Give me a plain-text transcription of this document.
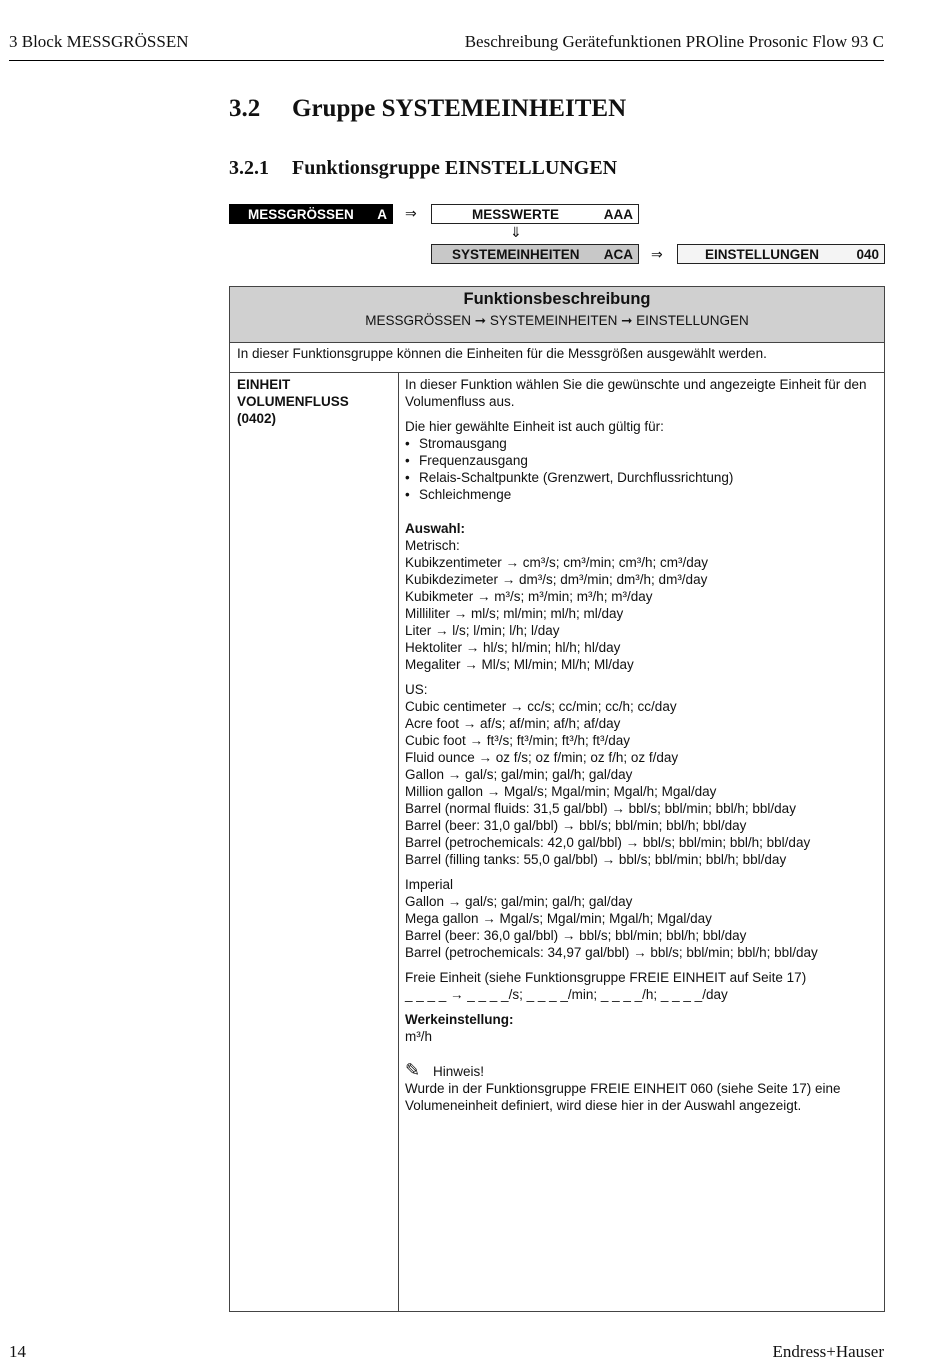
3 Block MESSGRÖSSEN	Beschreibung Gerätefunktionen PROline Prosonic Flow 93 C
3.2 Gruppe SYSTEMEINHEITEN
3.2.1 Funktionsgruppe EINSTELLUNGEN
MESSGRÖSSEN A ⇒	MESSWERTE	AAA
⇓
SYSTEMEINHEITEN ACA ⇒	EINSTELLUNGEN	040
Funktionsbeschreibung
MESSGRÖSSEN ➞ SYSTEMEINHEITEN ➞ EINSTELLUNGEN
In dieser Funktionsgruppe können die Einheiten für die Messgrößen ausgewählt werden.
EINHEIT
VOLUMENFLUSS
(0402)

In dieser Funktion wählen Sie die gewünschte und angezeigte Einheit für den Volumenfluss aus.

Die hier gewählte Einheit ist auch gültig für:

• Stromausgang
• Frequenzausgang
• Relais-Schaltpunkte (Grenzwert, Durchflussrichtung)
• Schleichmenge

Auswahl:

Metrisch:

Kubikzentimeter → cm³/s; cm³/min; cm³/h; cm³/day

Kubikdezimeter → dm³/s; dm³/min; dm³/h; dm³/day

Kubikmeter → m³/s; m³/min; m³/h; m³/day

Milliliter → ml/s; ml/min; ml/h; ml/day

Liter → l/s; l/min; l/h; l/day

Hektoliter → hl/s; hl/min; hl/h; hl/day

Megaliter → Ml/s; Ml/min; Ml/h; Ml/day

US:

Cubic centimeter → cc/s; cc/min; cc/h; cc/day

Acre foot → af/s; af/min; af/h; af/day

Cubic foot → ft³/s; ft³/min; ft³/h; ft³/day

Fluid ounce → oz f/s; oz f/min; oz f/h; oz f/day

Gallon → gal/s; gal/min; gal/h; gal/day

Million gallon → Mgal/s; Mgal/min; Mgal/h; Mgal/day

Barrel (normal fluids: 31,5 gal/bbl) → bbl/s; bbl/min; bbl/h; bbl/day

Barrel (beer: 31,0 gal/bbl) → bbl/s; bbl/min; bbl/h; bbl/day

Barrel (petrochemicals: 42,0 gal/bbl) → bbl/s; bbl/min; bbl/h; bbl/day

Barrel (filling tanks: 55,0 gal/bbl) → bbl/s; bbl/min; bbl/h; bbl/day

Imperial

Gallon → gal/s; gal/min; gal/h; gal/day

Mega gallon → Mgal/s; Mgal/min; Mgal/h; Mgal/day

Barrel (beer: 36,0 gal/bbl) → bbl/s; bbl/min; bbl/h; bbl/day

Barrel (petrochemicals: 34,97 gal/bbl) → bbl/s; bbl/min; bbl/h; bbl/day

Freie Einheit (siehe Funktionsgruppe FREIE EINHEIT auf Seite 17)

_ _ _ _ → _ _ _ _/s; _ _ _ _/min; _ _ _ _/h; _ _ _ _/day

Werkeinstellung:

m³/h

✎ Hinweis!

Wurde in der Funktionsgruppe FREIE EINHEIT 060 (siehe Seite 17) eine Volumeneinheit definiert, wird diese hier in der Auswahl angezeigt.

14	Endress+Hauser
